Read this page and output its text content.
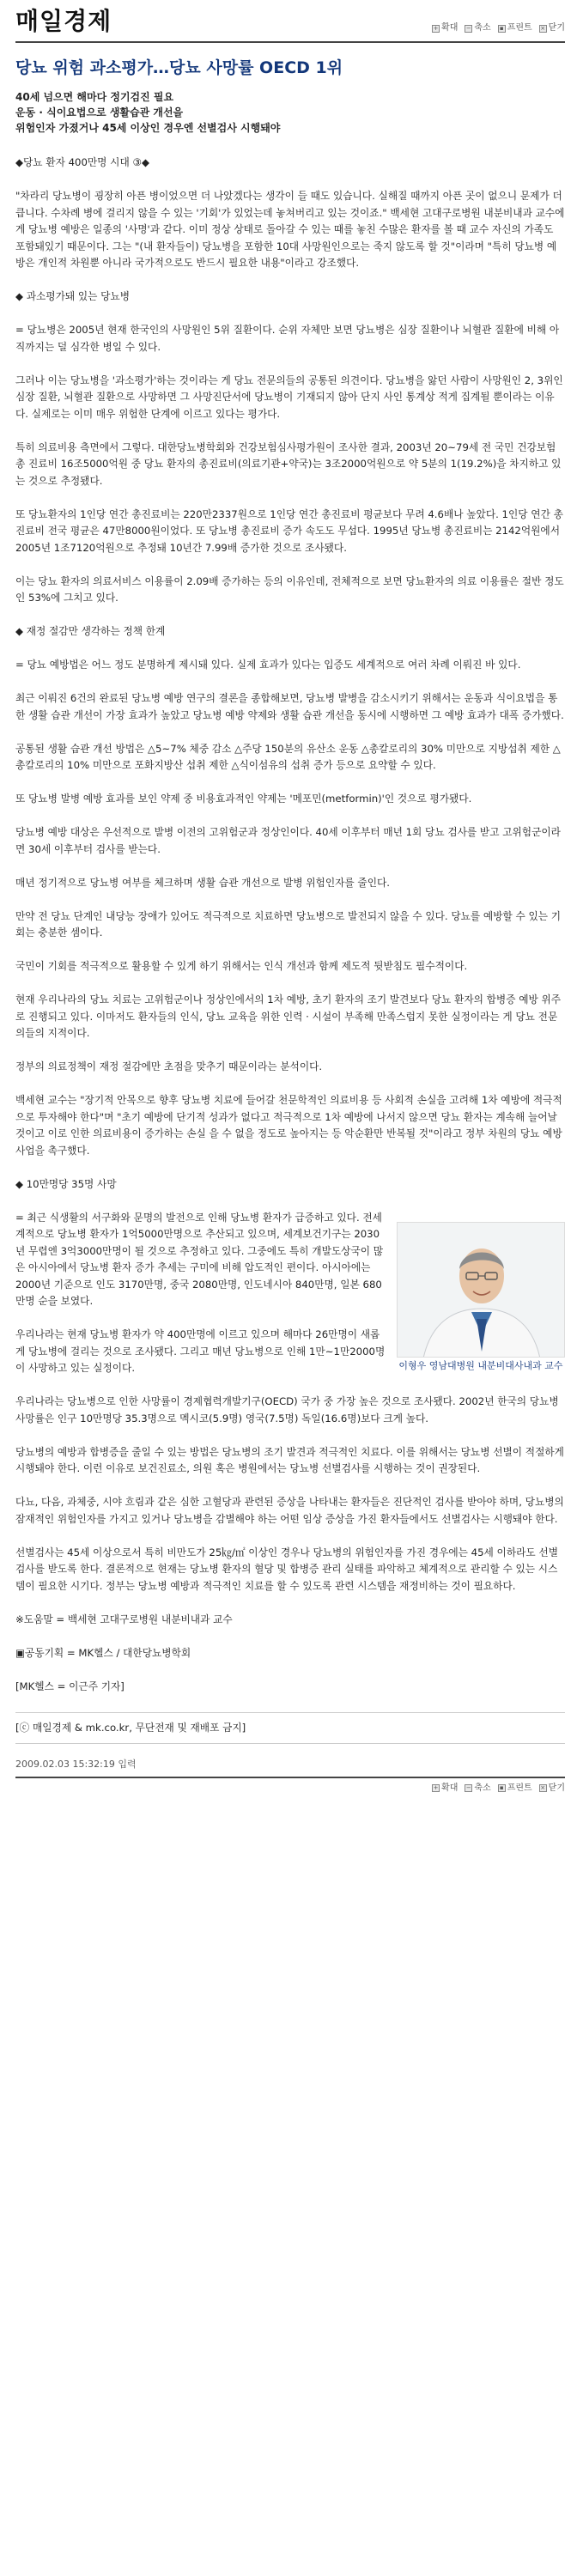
매일경제	+ 확대 − 축소	▪ 프린트 × 닫기
당뇨 위험 과소평가…당뇨 사망률 OECD 1위
40세 넘으면 해마다 정기검진 필요
운동 · 식이요법으로 생활습관 개선을
위험인자 가졌거나 45세 이상인 경우엔 선별검사 시행돼야

◆당뇨 환자 400만명 시대 ③◆

"차라리 당뇨병이 굉장히 아픈 병이었으면 더 나았겠다는 생각이 들 때도 있습니다. 실해질 때까지 아픈 곳이 없으니 문제가 더 큽니다. 수차례 병에 걸리지 않을 수 있는 '기회'가 있었는데 놓쳐버리고 있는 것이죠." 백세현 고대구로병원 내분비내과 교수에게 당뇨병 예방은 일종의 '사명'과 같다. 이미 정상 상태로 돌아갈 수 있는 때를 놓친 수많은 환자를 볼 때 교수 자신의 가족도 포함돼있기 때문이다. 그는 "(내 환자들이) 당뇨병을 포함한 10대 사망원인으로는 죽지 않도록 할 것"이라며 "특히 당뇨병 예방은 개인적 차원뿐 아니라 국가적으로도 반드시 필요한 내용"이라고 강조했다.

◆ 과소평가돼 있는 당뇨병

= 당뇨병은 2005년 현재 한국인의 사망원인 5위 질환이다. 순위 자체만 보면 당뇨병은 심장 질환이나 뇌혈관 질환에 비해 아직까지는 덜 심각한 병일 수 있다.

그러나 이는 당뇨병을 '과소평가'하는 것이라는 게 당뇨 전문의들의 공통된 의견이다. 당뇨병을 앓던 사람이 사망원인 2, 3위인 심장 질환, 뇌혈관 질환으로 사망하면 그 사망진단서에 당뇨병이 기재되지 않아 단지 사인 통계상 적게 집계될 뿐이라는 이유다. 실제로는 이미 매우 위험한 단계에 이르고 있다는 평가다.

특히 의료비용 측면에서 그렇다. 대한당뇨병학회와 건강보험심사평가원이 조사한 결과, 2003년 20~79세 전 국민 건강보험 총 진료비 16조5000억원 중 당뇨 환자의 총진료비(의료기관+약국)는 3조2000억원으로 약 5분의 1(19.2%)을 차지하고 있는 것으로 추정됐다.

또 당뇨환자의 1인당 연간 총진료비는 220만2337원으로 1인당 연간 총진료비 평균보다 무려 4.6배나 높았다. 1인당 연간 총진료비 전국 평균은 47만8000원이었다. 또 당뇨병 총진료비 증가 속도도 무섭다. 1995년 당뇨병 총진료비는 2142억원에서 2005년 1조7120억원으로 추정돼 10년간 7.99배 증가한 것으로 조사됐다.

이는 당뇨 환자의 의료서비스 이용률이 2.09배 증가하는 등의 이유인데, 전체적으로 보면 당뇨환자의 의료 이용률은 절반 정도인 53%에 그치고 있다.

◆ 재정 절감만 생각하는 정책 한계

= 당뇨 예방법은 어느 정도 분명하게 제시돼 있다. 실제 효과가 있다는 입증도 세계적으로 여러 차례 이뤄진 바 있다.

최근 이뤄진 6건의 완료된 당뇨병 예방 연구의 결론을 종합해보면, 당뇨병 발병을 감소시키기 위해서는 운동과 식이요법을 통한 생활 습관 개선이 가장 효과가 높았고 당뇨병 예방 약제와 생활 습관 개선을 동시에 시행하면 그 예방 효과가 대폭 증가했다.

공통된 생활 습관 개선 방법은 △5~7% 체중 감소 △주당 150분의 유산소 운동 △총칼로리의 30% 미만으로 지방섭취 제한 △총칼로리의 10% 미만으로 포화지방산 섭취 제한 △식이섬유의 섭취 증가 등으로 요약할 수 있다.

또 당뇨병 발병 예방 효과를 보인 약제 중 비용효과적인 약제는 '메포민(metformin)'인 것으로 평가됐다.

당뇨병 예방 대상은 우선적으로 발병 이전의 고위험군과 정상인이다. 40세 이후부터 매년 1회 당뇨 검사를 받고 고위험군이라면 30세 이후부터 검사를 받는다.

매년 정기적으로 당뇨병 여부를 체크하며 생활 습관 개선으로 발병 위험인자를 줄인다.

만약 전 당뇨 단계인 내당능 장애가 있어도 적극적으로 치료하면 당뇨병으로 발전되지 않을 수 있다. 당뇨를 예방할 수 있는 기회는 충분한 셈이다.

국민이 기회를 적극적으로 활용할 수 있게 하기 위해서는 인식 개선과 함께 제도적 뒷받침도 필수적이다.

현재 우리나라의 당뇨 치료는 고위험군이나 정상인에서의 1차 예방, 초기 환자의 조기 발견보다 당뇨 환자의 합병증 예방 위주로 진행되고 있다. 이마저도 환자들의 인식, 당뇨 교육을 위한 인력 · 시설이 부족해 만족스럽지 못한 실정이라는 게 당뇨 전문의들의 지적이다.

정부의 의료정책이 재정 절감에만 초점을 맞추기 때문이라는 분석이다.

백세현 교수는 "장기적 안목으로 향후 당뇨병 치료에 들어갈 천문학적인 의료비용 등 사회적 손실을 고려해 1차 예방에 적극적으로 투자해야 한다"며 "초기 예방에 단기적 성과가 없다고 적극적으로 1차 예방에 나서지 않으면 당뇨 환자는 계속해 늘어날 것이고 이로 인한 의료비용이 증가하는 손실 을 수 없을 정도로 높아지는 등 악순환만 반복될 것"이라고 정부 차원의 당뇨 예방 사업을 촉구했다.

◆ 10만명당 35명 사망

= 최근 식생활의 서구화와 문명의 발전으로 인해 당뇨병 환자가 급증하고 있다. 전세계적으로 당뇨병 환자가 1억5000만명으로 추산되고 있으며, 세계보건기구는 2030년 무렵엔 3억3000만명이 될 것으로 추정하고 있다. 그중에도 특히 개발도상국이 많은 아시아에서 당뇨병 환자 증가 추세는 구미에 비해 압도적인 편이다. 아시아에는 2000년 기준으로 인도 3170만명, 중국 2080만명, 인도네시아 840만명, 일본 680만명 순을 보였다.

우리나라는 현재 당뇨병 환자가 약 400만명에 이르고 있으며 해마다 26만명이 새롭게 당뇨병에 걸리는 것으로 조사됐다. 그리고 매년 당뇨병으로 인해 1만~1만2000명이 사망하고 있는 실정이다.	이형우 영남대병원 내분비대사내과 교수

우리나라는 당뇨병으로 인한 사망률이 경제협력개발기구(OECD) 국가 중 가장 높은 것으로 조사됐다. 2002년 한국의 당뇨병 사망률은 인구 10만명당 35.3명으로 멕시코(5.9명) 영국(7.5명) 독일(16.6명)보다 크게 높다.

당뇨병의 예방과 합병증을 줄일 수 있는 방법은 당뇨병의 조기 발견과 적극적인 치료다. 이를 위해서는 당뇨병 선별이 적절하게 시행돼야 한다. 이런 이유로 보건진료소, 의원 혹은 병원에서는 당뇨병 선별검사를 시행하는 것이 권장된다.

다뇨, 다음, 과체중, 시야 흐림과 같은 심한 고혈당과 관련된 증상을 나타내는 환자들은 진단적인 검사를 받아야 하며, 당뇨병의 잠재적인 위험인자를 가지고 있거나 당뇨병을 감별해야 하는 어떤 임상 증상을 가진 환자들에서도 선별검사는 시행돼야 한다.

선별검사는 45세 이상으로서 특히 비만도가 25㎏/㎡ 이상인 경우나 당뇨병의 위험인자를 가진 경우에는 45세 이하라도 선별검사를 받도록 한다. 결론적으로 현재는 당뇨병 환자의 혈당 및 합병증 관리 실태를 파악하고 체계적으로 관리할 수 있는 시스템이 필요한 시기다. 정부는 당뇨병 예방과 적극적인 치료를 할 수 있도록 관련 시스템을 재정비하는 것이 필요하다.

※도움말 = 백세현 고대구로병원 내분비내과 교수

▣공동기획 = MK헬스 / 대한당뇨병학회

[MK헬스 = 이근주 기자]

[ⓒ 매일경제 & mk.co.kr, 무단전재 및 재배포 금지]

2009.02.03 15:32:19 입력
+ 확대 − 축소	▪ 프린트 × 닫기
